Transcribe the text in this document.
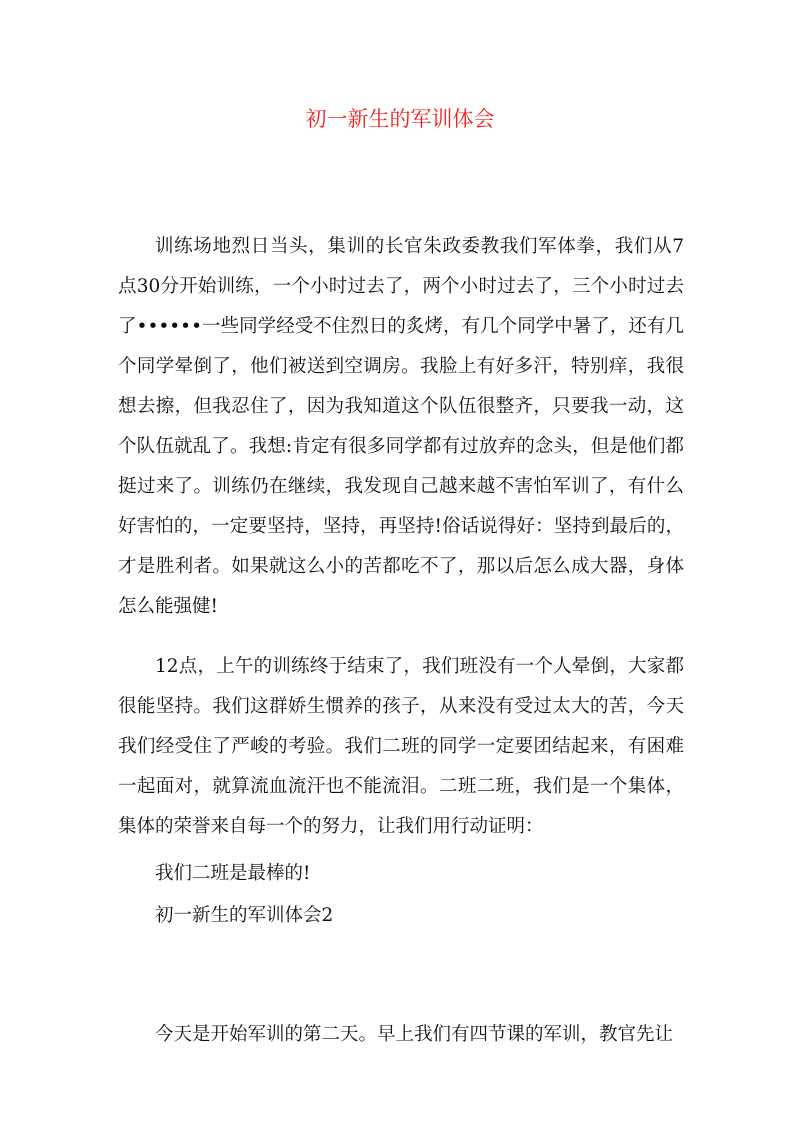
初一新生的军训体会

训练场地烈日当头，集训的长官朱政委教我们军体拳，我们从7点30分开始训练，一个小时过去了，两个小时过去了，三个小时过去了••••••一些同学经受不住烈日的炙烤，有几个同学中暑了，还有几个同学晕倒了，他们被送到空调房。我脸上有好多汗，特别痒，我很想去擦，但我忍住了，因为我知道这个队伍很整齐，只要我一动，这个队伍就乱了。我想:肯定有很多同学都有过放弃的念头，但是他们都挺过来了。训练仍在继续，我发现自己越来越不害怕军训了，有什么好害怕的，一定要坚持，坚持，再坚持!俗话说得好：坚持到最后的，才是胜利者。如果就这么小的苦都吃不了，那以后怎么成大器，身体怎么能强健!

12点，上午的训练终于结束了，我们班没有一个人晕倒，大家都很能坚持。我们这群娇生惯养的孩子，从来没有受过太大的苦，今天我们经受住了严峻的考验。我们二班的同学一定要团结起来，有困难一起面对，就算流血流汗也不能流泪。二班二班，我们是一个集体，集体的荣誉来自每一个的努力，让我们用行动证明：

我们二班是最棒的!

初一新生的军训体会2

今天是开始军训的第二天。早上我们有四节课的军训，教官先让
